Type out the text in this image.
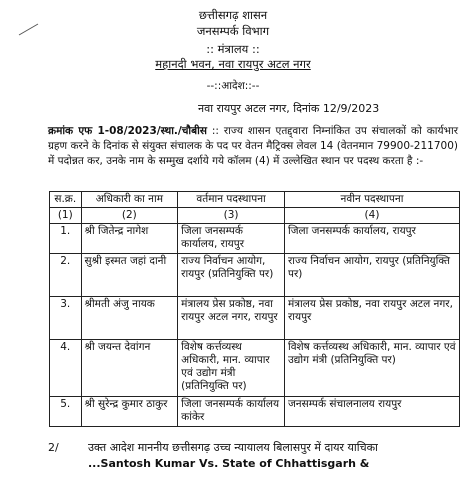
छत्तीसगढ़ शासन
जनसम्पर्क विभाग
:: मंत्रालय ::
महानदी भवन, नवा रायपुर अटल नगर
--::आदेश::--
नवा रायपुर अटल नगर, दिनांक 12/9/2023
क्रमांक एफ 1-08/2023/स्था./चौबीस :: राज्य शासन एतद्द्वारा निम्नांकित उप संचालकों को कार्यभार ग्रहण करने के दिनांक से संयुक्त संचालक के पद पर वेतन मैट्रिक्स लेवल 14 (वेतनमान 79900-211700) में पदोन्नत कर, उनके नाम के सम्मुख दर्शाये गये कॉलम (4) में उल्लेखित स्थान पर पदस्थ करता है :-
स.क्र.	अधिकारी का नाम	वर्तमान पदस्थापना	नवीन पदस्थापना
(1)	(2)	(3)	(4)
1.	श्री जितेन्द्र नागेश	जिला जनसम्पर्क कार्यालय, रायपुर	जिला जनसम्पर्क कार्यालय, रायपुर
2.	सुश्री इस्मत जहां दानी	राज्य निर्वाचन आयोग, रायपुर (प्रतिनियुक्ति पर)	राज्य निर्वाचन आयोग, रायपुर (प्रतिनियुक्ति पर)
3.	श्रीमती अंजु नायक	मंत्रालय प्रेस प्रकोष्ठ, नवा रायपुर अटल नगर, रायपुर	मंत्रालय प्रेस प्रकोष्ठ, नवा रायपुर अटल नगर, रायपुर
4.	श्री जयन्त देवांगन	विशेष कर्त्तव्यस्थ अधिकारी, मान. व्यापार एवं उद्योग मंत्री (प्रतिनियुक्ति पर)	विशेष कर्त्तव्यस्थ अधिकारी, मान. व्यापार एवं उद्योग मंत्री (प्रतिनियुक्ति पर)
5.	श्री सुरेन्द्र कुमार ठाकुर	जिला जनसम्पर्क कार्यालय कांकेर	जनसम्पर्क संचालनालय रायपुर
2/	उक्त आदेश माननीय छत्तीसगढ़ उच्च न्यायालय बिलासपुर में दायर याचिका
...Santosh Kumar Vs. State of Chhattisgarh &
